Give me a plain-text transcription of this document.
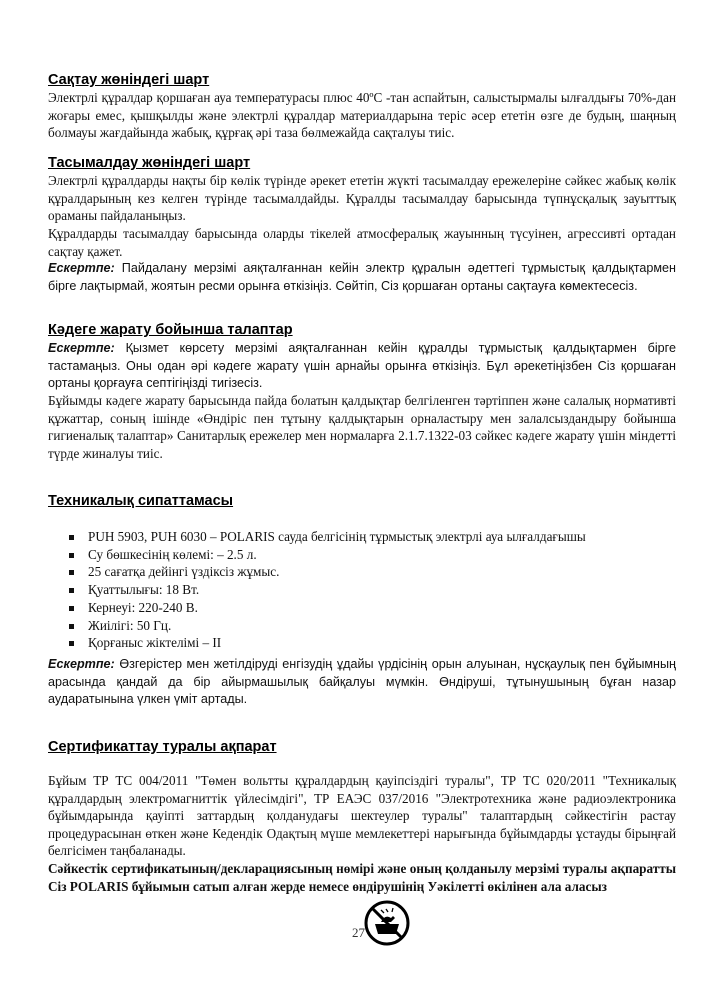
Сақтау жөніндегі шарт

Электрлі құралдар қоршаған ауа температурасы плюс 40ºС -тан аспайтын, салыстырмалы ылғалдығы 70%-дан жоғары емес, қышқылды және электрлі құралдар материалдарына теріс әсер ететін өзге де будың, шаңның болмауы жағдайында жабық, құрғақ әрі таза бөлмежайда сақталуы тиіс.

Тасымалдау жөніндегі шарт

Электрлі құралдарды нақты бір көлік түрінде әрекет ететін жүкті тасымалдау ережелеріне сәйкес жабық көлік құралдарының кез келген түрінде тасымалдайды. Құралды тасымалдау барысында түпнұсқалық зауыттық ораманы пайдаланыңыз.

Құралдарды тасымалдау барысында оларды тікелей атмосфералық жауынның түсуінен, агрессивті ортадан сақтау қажет.

Ескертпе: Пайдалану мерзімі аяқталғаннан кейін электр құралын әдеттегі тұрмыстық қалдықтармен бірге лақтырмай, жоятын ресми орынға өткізіңіз. Сөйтіп, Сіз қоршаған ортаны сақтауға көмектесесіз.

Кәдеге жарату бойынша талаптар

Ескертпе: Қызмет көрсету мерзімі аяқталғаннан кейін құралды тұрмыстық қалдықтармен бірге тастамаңыз. Оны одан әрі кәдеге жарату үшін арнайы орынға өткізіңіз. Бұл әрекетіңізбен Сіз қоршаған ортаны қорғауға септігіңізді тигізесіз.

Бұйымды кәдеге жарату барысында пайда болатын қалдықтар белгіленген тәртіппен және салалық нормативті құжаттар, соның ішінде «Өндіріс пен тұтыну қалдықтарын орналастыру мен залалсыздандыру бойынша гигиеналық талаптар» Санитарлық ережелер мен нормаларға 2.1.7.1322-03 сәйкес кәдеге жарату үшін міндетті түрде жиналуы тиіс.

Техникалық сипаттамасы
PUH 5903, PUH 6030 – POLARIS сауда белгісінің тұрмыстық электрлі ауа ылғалдағышы
Су бөшкесінің көлемі: – 2.5 л.
25 сағатқа дейінгі үздіксіз жұмыс.
Қуаттылығы: 18 Вт.
Кернеуі: 220-240 В.
Жиілігі: 50 Гц.
Қорғаныс жіктелімі – II

Ескертпе: Өзгерістер мен жетілдіруді енгізудің ұдайы үрдісінің орын алуынан, нұсқаулық пен бұйымның арасында қандай да бір айырмашылық байқалуы мүмкін. Өндіруші, тұтынушының бұған назар аударатынына үлкен үміт артады.

Сертификаттау туралы ақпарат

Бұйым ТР ТС 004/2011 "Төмен вольтты құралдардың қауіпсіздігі туралы", ТР ТС 020/2011 "Техникалық құралдардың электромагниттік үйлесімдігі", ТР ЕАЭС 037/2016 "Электротехника және радиоэлектроника бұйымдарында қауіпті заттардың қолданудағы шектеулер туралы" талаптардың сәйкестігін растау процедурасынан өткен және Кедендік Одақтың мүше мемлекеттері нарығында бұйымдарды ұстауды бірыңғай белгісімен таңбаланады.

Сәйкестік сертификатының/декларациясының нөмірі және оның қолданылу мерзімі туралы ақпаратты Сіз POLARIS бұйымын сатып алған жерде немесе өндірушінің Уәкілетті өкілінен ала аласыз

27
